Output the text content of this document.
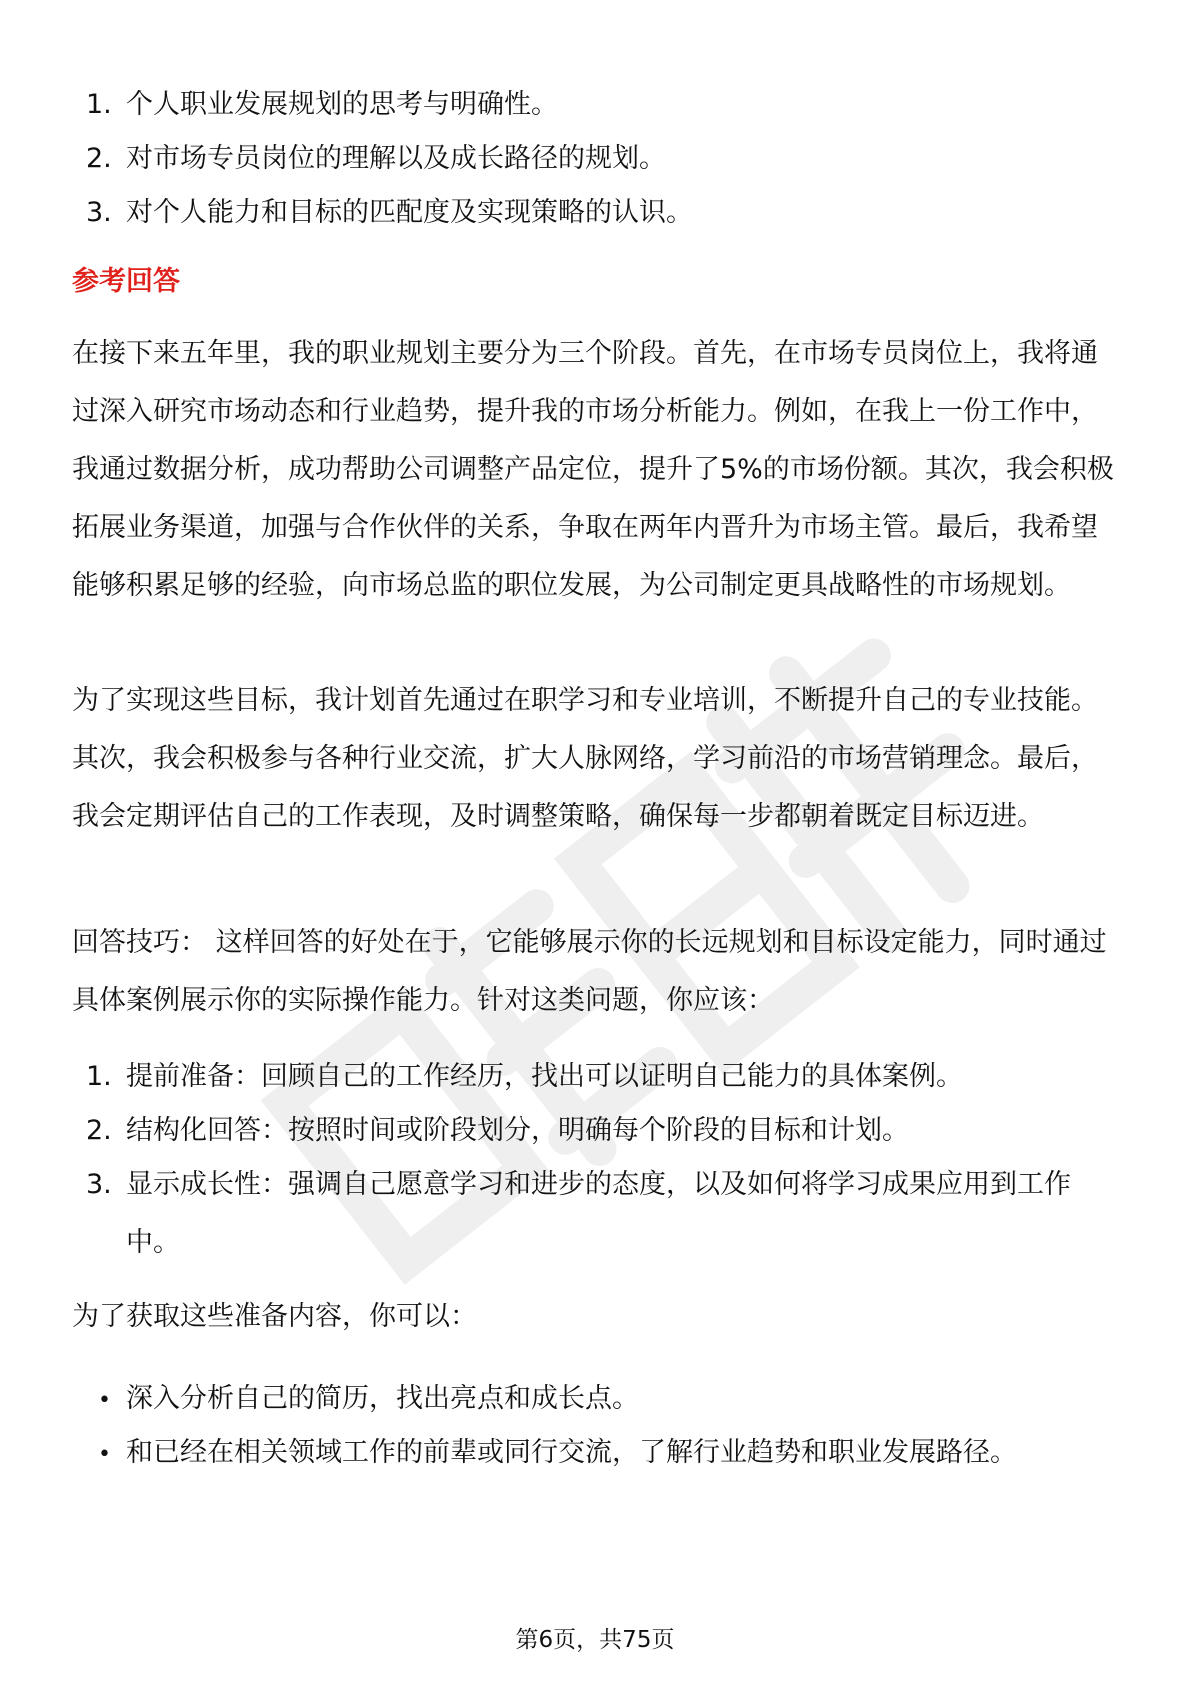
1. 个人职业发展规划的思考与明确性。
2. 对市场专员岗位的理解以及成长路径的规划。
3. 对个人能力和目标的匹配度及实现策略的认识。
参考回答
在接下来五年里，我的职业规划主要分为三个阶段。首先，在市场专员岗位上，我将通过深入研究市场动态和行业趋势，提升我的市场分析能力。例如，在我上一份工作中，我通过数据分析，成功帮助公司调整产品定位，提升了5%的市场份额。其次，我会积极拓展业务渠道，加强与合作伙伴的关系，争取在两年内晋升为市场主管。最后，我希望能够积累足够的经验，向市场总监的职位发展，为公司制定更具战略性的市场规划。
为了实现这些目标，我计划首先通过在职学习和专业培训，不断提升自己的专业技能。其次，我会积极参与各种行业交流，扩大人脉网络，学习前沿的市场营销理念。最后，我会定期评估自己的工作表现，及时调整策略，确保每一步都朝着既定目标迈进。
回答技巧： 这样回答的好处在于，它能够展示你的长远规划和目标设定能力，同时通过具体案例展示你的实际操作能力。针对这类问题，你应该：
1. 提前准备：回顾自己的工作经历，找出可以证明自己能力的具体案例。
2. 结构化回答：按照时间或阶段划分，明确每个阶段的目标和计划。
3. 显示成长性：强调自己愿意学习和进步的态度，以及如何将学习成果应用到工作中。
为了获取这些准备内容，你可以：
• 深入分析自己的简历，找出亮点和成长点。
• 和已经在相关领域工作的前辈或同行交流，了解行业趋势和职业发展路径。
第6页，共75页
